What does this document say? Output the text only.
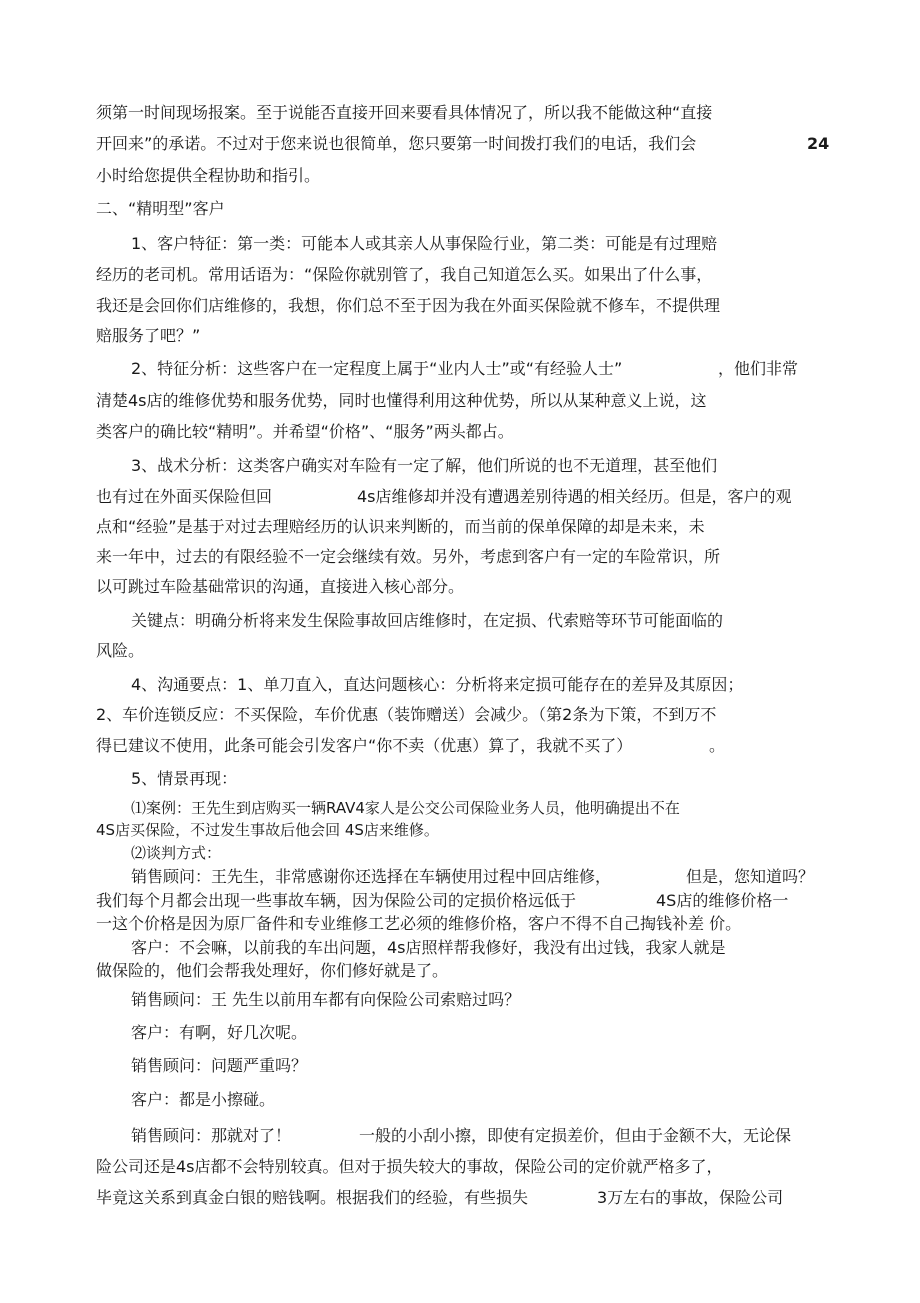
须第一时间现场报案。至于说能否直接开回来要看具体情况了，所以我不能做这种“直接
开回来”的承诺。不过对于您来说也很简单，您只要第一时间拨打我们的电话，我们会	24
小时给您提供全程协助和指引。
二、“精明型”客户
1、客户特征：第一类：可能本人或其亲人从事保险行业，第二类：可能是有过理赔
经历的老司机。常用话语为：“保险你就别管了，我自己知道怎么买。如果出了什么事，
我还是会回你们店维修的，我想，你们总不至于因为我在外面买保险就不修车，不提供理
赔服务了吧？”
2、特征分析：这些客户在一定程度上属于“业内人士”或“有经验人士”	，他们非常
清楚4s店的维修优势和服务优势，同时也懂得利用这种优势，所以从某种意义上说，这
类客户的确比较“精明”。并希望“价格”、“服务”两头都占。
3、战术分析：这类客户确实对车险有一定了解，他们所说的也不无道理，甚至他们
也有过在外面买保险但回	4s店维修却并没有遭遇差别待遇的相关经历。但是，客户的观
点和“经验”是基于对过去理赔经历的认识来判断的，而当前的保单保障的却是未来，未
来一年中，过去的有限经验不一定会继续有效。另外，考虑到客户有一定的车险常识，所
以可跳过车险基础常识的沟通，直接进入核心部分。
关键点：明确分析将来发生保险事故回店维修时，在定损、代索赔等环节可能面临的
风险。
4、沟通要点：1、单刀直入，直达问题核心：分析将来定损可能存在的差异及其原因；
2、车价连锁反应：不买保险，车价优惠（装饰赠送）会减少。（第2条为下策，不到万不
得已建议不使用，此条可能会引发客户“你不卖（优惠）算了，我就不买了）	。
5、情景再现：
⑴案例：王先生到店购买一辆RAV4家人是公交公司保险业务人员，他明确提出不在
4S店买保险，不过发生事故后他会回 4S店来维修。
⑵谈判方式：
销售顾问：王先生，非常感谢你还选择在车辆使用过程中回店维修，	但是，您知道吗？
我们每个月都会出现一些事故车辆，因为保险公司的定损价格远低于	4S店的维修价格一
一这个价格是因为原厂备件和专业维修工艺必须的维修价格，客户不得不自己掏钱补差 价。
客户：不会嘛，以前我的车出问题，4s店照样帮我修好，我没有出过钱，我家人就是
做保险的，他们会帮我处理好，你们修好就是了。
销售顾问：王 先生以前用车都有向保险公司索赔过吗？
客户：有啊，好几次呢。
销售顾问：问题严重吗？
客户：都是小擦碰。
销售顾问：那就对了！	一般的小刮小擦，即使有定损差价，但由于金额不大，无论保
险公司还是4s店都不会特别较真。但对于损失较大的事故，保险公司的定价就严格多了，
毕竟这关系到真金白银的赔钱啊。根据我们的经验，有些损失	3万左右的事故，保险公司
